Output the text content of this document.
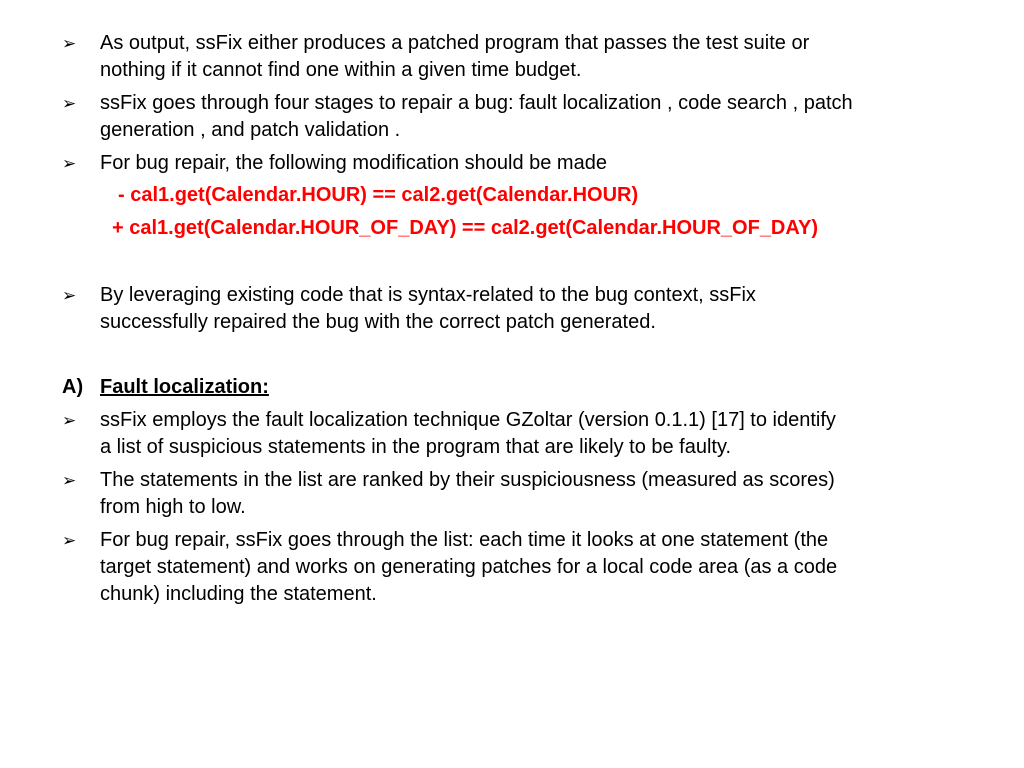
➢ As output, ssFix either produces a patched program that passes the test suite or
nothing if it cannot find one within a given time budget.
➢ ssFix goes through four stages to repair a bug: fault localization , code search , patch
generation , and patch validation .
➢ For bug repair, the following modification should be made
- cal1.get(Calendar.HOUR) == cal2.get(Calendar.HOUR)
+ cal1.get(Calendar.HOUR_OF_DAY) == cal2.get(Calendar.HOUR_OF_DAY)
➢ By leveraging existing code that is syntax-related to the bug context, ssFix
successfully repaired the bug with the correct patch generated.
A) Fault localization:
➢ ssFix employs the fault localization technique GZoltar (version 0.1.1) [17] to identify
a list of suspicious statements in the program that are likely to be faulty.
➢ The statements in the list are ranked by their suspiciousness (measured as scores)
from high to low.
➢ For bug repair, ssFix goes through the list: each time it looks at one statement (the
target statement) and works on generating patches for a local code area (as a code
chunk) including the statement.
